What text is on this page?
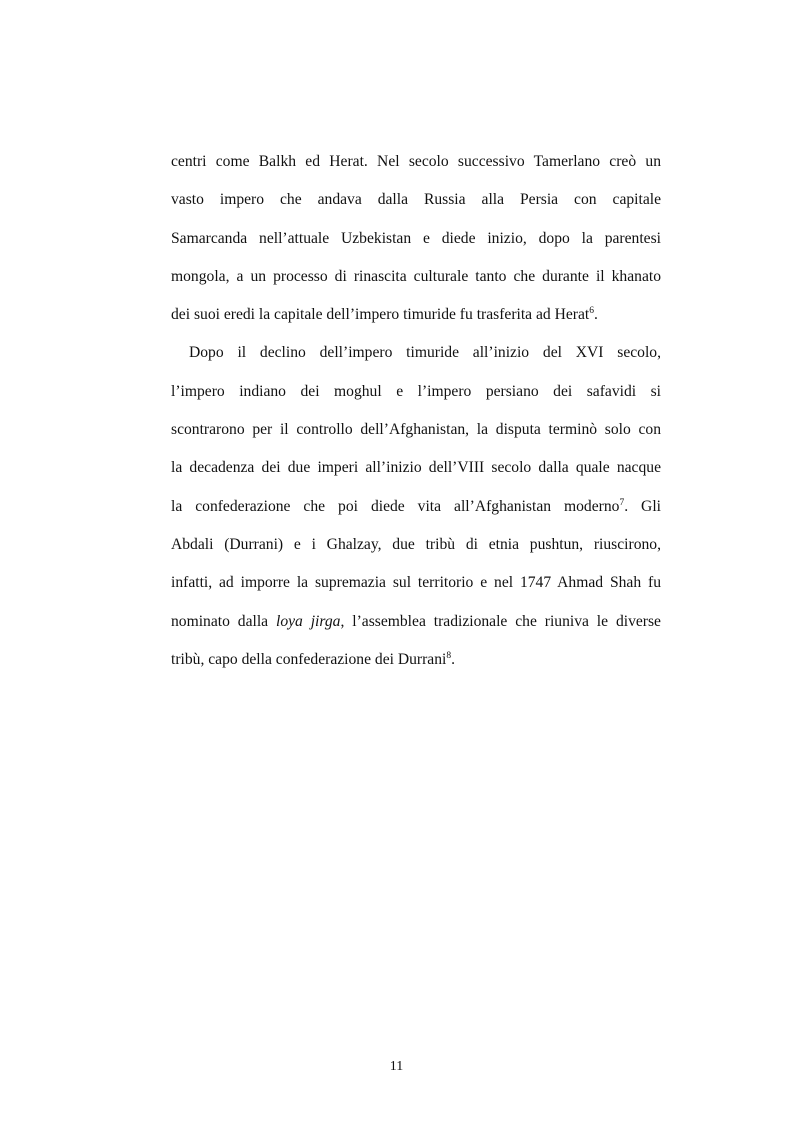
centri come Balkh ed Herat. Nel secolo successivo Tamerlano creò un
vasto impero che andava dalla Russia alla Persia con capitale
Samarcanda nell’attuale Uzbekistan e diede inizio, dopo la parentesi
mongola, a un processo di rinascita culturale tanto che durante il khanato
dei suoi eredi la capitale dell’impero timuride fu trasferita ad Herat$^6$.
Dopo il declino dell’impero timuride all’inizio del XVI secolo,
l’impero indiano dei moghul e l’impero persiano dei safavidi si
scontrarono per il controllo dell’Afghanistan, la disputa terminò solo con
la decadenza dei due imperi all’inizio dell’VIII secolo dalla quale nacque
la confederazione che poi diede vita all’Afghanistan moderno$^7$. Gli
Abdali (Durrani) e i Ghalzay, due tribù di etnia pushtun, riuscirono,
infatti, ad imporre la supremazia sul territorio e nel 1747 Ahmad Shah fu
nominato dalla loya jirga, l’assemblea tradizionale che riuniva le diverse
tribù, capo della confederazione dei Durrani$^8$.
11
